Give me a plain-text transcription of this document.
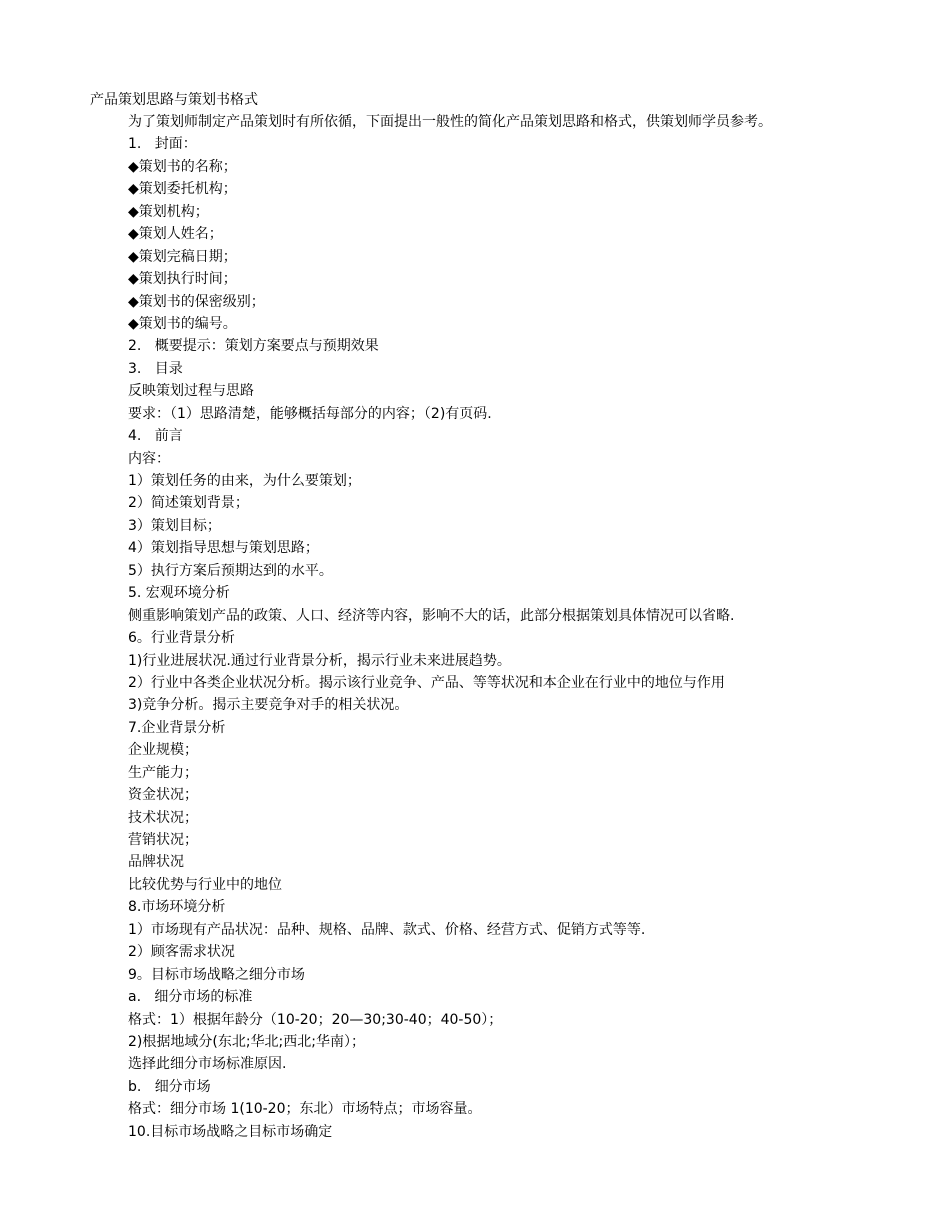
产品策划思路与策划书格式
为了策划师制定产品策划时有所依循，下面提出一般性的简化产品策划思路和格式，供策划师学员参考。
1.   封面：
◆策划书的名称；
◆策划委托机构；
◆策划机构；
◆策划人姓名；
◆策划完稿日期；
◆策划执行时间；
◆策划书的保密级别；
◆策划书的编号。
2.   概要提示：策划方案要点与预期效果
3.   目录
反映策划过程与思路
要求：（1）思路清楚，能够概括每部分的内容；（2)有页码.
4.   前言
内容：
1）策划任务的由来，为什么要策划；
2）简述策划背景；
3）策划目标；
4）策划指导思想与策划思路；
5）执行方案后预期达到的水平。
5. 宏观环境分析
侧重影响策划产品的政策、人口、经济等内容，影响不大的话，此部分根据策划具体情况可以省略.
6。行业背景分析
1)行业进展状况.通过行业背景分析，揭示行业未来进展趋势。
2）行业中各类企业状况分析。揭示该行业竞争、产品、等等状况和本企业在行业中的地位与作用
3)竞争分析。揭示主要竞争对手的相关状况。
7.企业背景分析
企业规模；
生产能力；
资金状况；
技术状况；
营销状况；
品牌状况
比较优势与行业中的地位
8.市场环境分析
1）市场现有产品状况：品种、规格、品牌、款式、价格、经营方式、促销方式等等.
2）顾客需求状况
9。目标市场战略之细分市场
a.   细分市场的标准
格式：1）根据年龄分（10-20；20—30;30-40；40-50）；
2)根据地域分(东北;华北;西北;华南）；
选择此细分市场标准原因.
b.   细分市场
格式：细分市场 1(10-20；东北）市场特点；市场容量。
10.目标市场战略之目标市场确定
